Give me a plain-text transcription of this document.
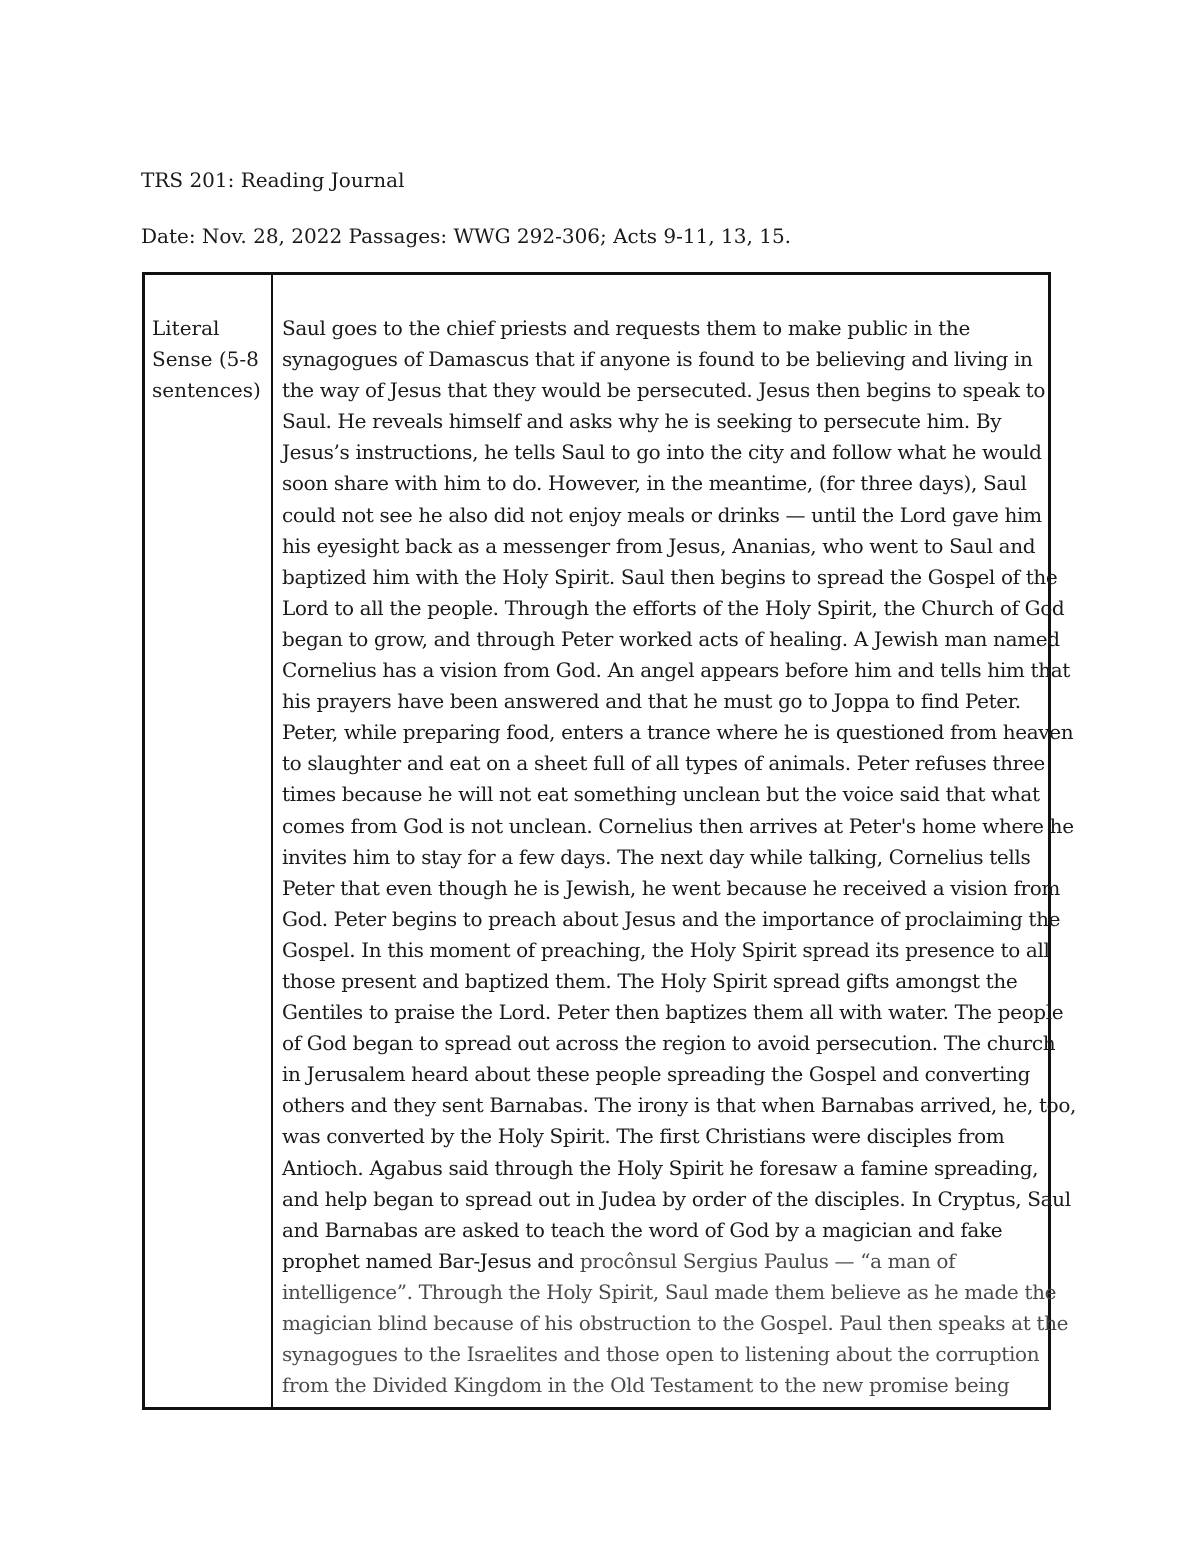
TRS 201: Reading Journal
Date: Nov. 28, 2022 Passages: WWG 292-306; Acts 9-11, 13, 15.
Literal
Sense (5-8
sentences)
Saul goes to the chief priests and requests them to make public in the
synagogues of Damascus that if anyone is found to be believing and living in
the way of Jesus that they would be persecuted. Jesus then begins to speak to
Saul. He reveals himself and asks why he is seeking to persecute him. By
Jesus’s instructions, he tells Saul to go into the city and follow what he would
soon share with him to do. However, in the meantime, (for three days), Saul
could not see he also did not enjoy meals or drinks — until the Lord gave him
his eyesight back as a messenger from Jesus, Ananias, who went to Saul and
baptized him with the Holy Spirit. Saul then begins to spread the Gospel of the
Lord to all the people. Through the efforts of the Holy Spirit, the Church of God
began to grow, and through Peter worked acts of healing. A Jewish man named
Cornelius has a vision from God. An angel appears before him and tells him that
his prayers have been answered and that he must go to Joppa to find Peter.
Peter, while preparing food, enters a trance where he is questioned from heaven
to slaughter and eat on a sheet full of all types of animals. Peter refuses three
times because he will not eat something unclean but the voice said that what
comes from God is not unclean. Cornelius then arrives at Peter's home where he
invites him to stay for a few days. The next day while talking, Cornelius tells
Peter that even though he is Jewish, he went because he received a vision from
God. Peter begins to preach about Jesus and the importance of proclaiming the
Gospel. In this moment of preaching, the Holy Spirit spread its presence to all
those present and baptized them. The Holy Spirit spread gifts amongst the
Gentiles to praise the Lord. Peter then baptizes them all with water. The people
of God began to spread out across the region to avoid persecution. The church
in Jerusalem heard about these people spreading the Gospel and converting
others and they sent Barnabas. The irony is that when Barnabas arrived, he, too,
was converted by the Holy Spirit. The first Christians were disciples from
Antioch. Agabus said through the Holy Spirit he foresaw a famine spreading,
and help began to spread out in Judea by order of the disciples. In Cryptus, Saul
and Barnabas are asked to teach the word of God by a magician and fake
prophet named Bar-Jesus and procônsul Sergius Paulus — “a man of
intelligence”. Through the Holy Spirit, Saul made them believe as he made the
magician blind because of his obstruction to the Gospel. Paul then speaks at the
synagogues to the Israelites and those open to listening about the corruption
from the Divided Kingdom in the Old Testament to the new promise being
